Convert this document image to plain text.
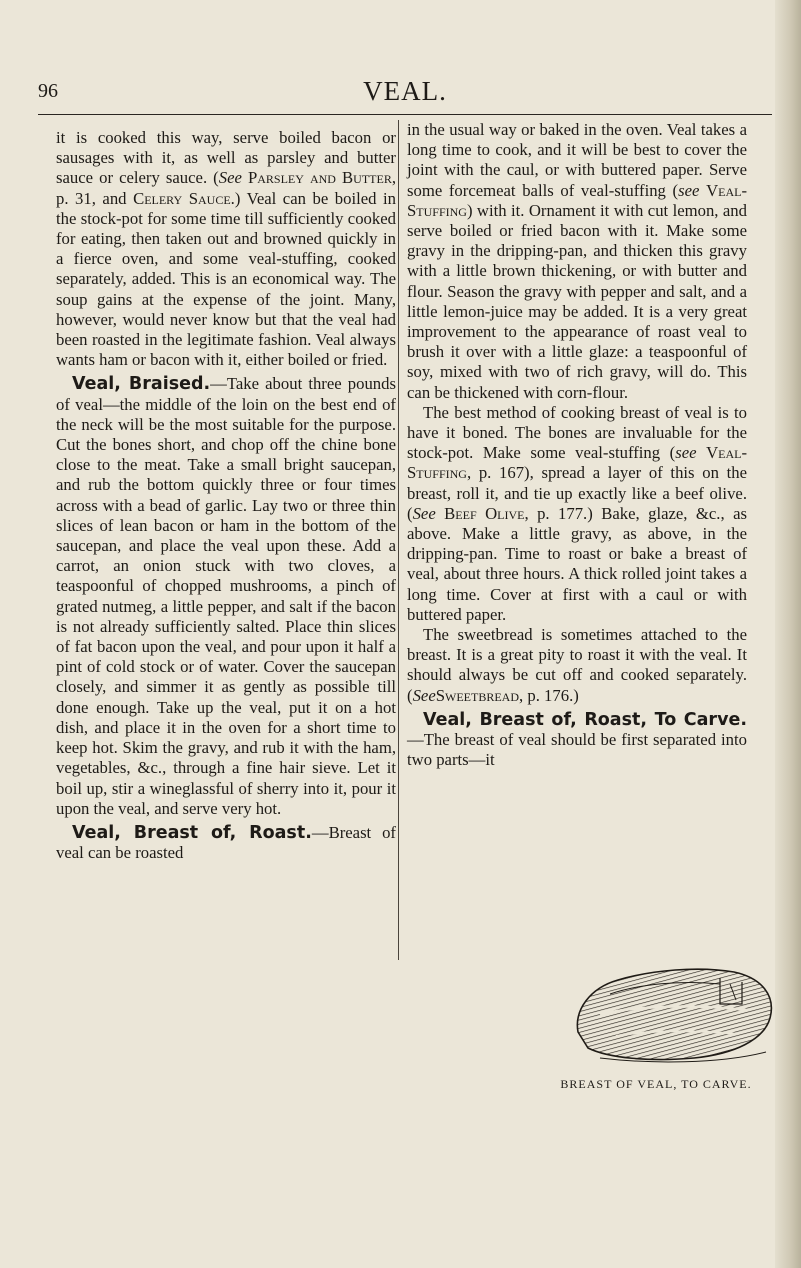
96	VEAL.

it is cooked this way, serve boiled bacon or sausages with it, as well as parsley and butter sauce or celery sauce. (See Parsley and Butter, p. 31, and Celery Sauce.) Veal can be boiled in the stock-pot for some time till sufficiently cooked for eating, then taken out and browned quickly in a fierce oven, and some veal-stuffing, cooked separately, added. This is an economical way. The soup gains at the expense of the joint. Many, however, would never know but that the veal had been roasted in the legitimate fashion. Veal always wants ham or bacon with it, either boiled or fried.

Veal, Braised.—Take about three pounds of veal—the middle of the loin on the best end of the neck will be the most suitable for the purpose. Cut the bones short, and chop off the chine bone close to the meat. Take a small bright saucepan, and rub the bottom quickly three or four times across with a bead of garlic. Lay two or three thin slices of lean bacon or ham in the bottom of the saucepan, and place the veal upon these. Add a carrot, an onion stuck with two cloves, a teaspoonful of chopped mushrooms, a pinch of grated nutmeg, a little pepper, and salt if the bacon is not already sufficiently salted. Place thin slices of fat bacon upon the veal, and pour upon it half a pint of cold stock or of water. Cover the saucepan closely, and simmer it as gently as possible till done enough. Take up the veal, put it on a hot dish, and place it in the oven for a short time to keep hot. Skim the gravy, and rub it with the ham, vegetables, &c., through a fine hair sieve. Let it boil up, stir a wineglassful of sherry into it, pour it upon the veal, and serve very hot.

Veal, Breast of, Roast.—Breast of veal can be roasted

in the usual way or baked in the oven. Veal takes a long time to cook, and it will be best to cover the joint with the caul, or with buttered paper. Serve some forcemeat balls of veal-stuffing (see Veal-Stuffing) with it. Ornament it with cut lemon, and serve boiled or fried bacon with it. Make some gravy in the dripping-pan, and thicken this gravy with a little brown thickening, or with butter and flour. Season the gravy with pepper and salt, and a little lemon-juice may be added. It is a very great improvement to the appearance of roast veal to brush it over with a little glaze: a teaspoonful of soy, mixed with two of rich gravy, will do. This can be thickened with corn-flour.

The best method of cooking breast of veal is to have it boned. The bones are invaluable for the stock-pot. Make some veal-stuffing (see Veal-Stuffing, p. 167), spread a layer of this on the breast, roll it, and tie up exactly like a beef olive. (See Beef Olive, p. 177.) Bake, glaze, &c., as above. Make a little gravy, as above, in the dripping-pan. Time to roast or bake a breast of veal, about three hours. A thick rolled joint takes a long time. Cover at first with a caul or with buttered paper.

The sweetbread is sometimes attached to the breast. It is a great pity to roast it with the veal. It should always be cut off and cooked separately. (SeeSweetbread, p. 176.)

Veal, Breast of, Roast, To Carve.—The breast of veal should be first separated into two parts—it

BREAST OF VEAL, TO CARVE.
